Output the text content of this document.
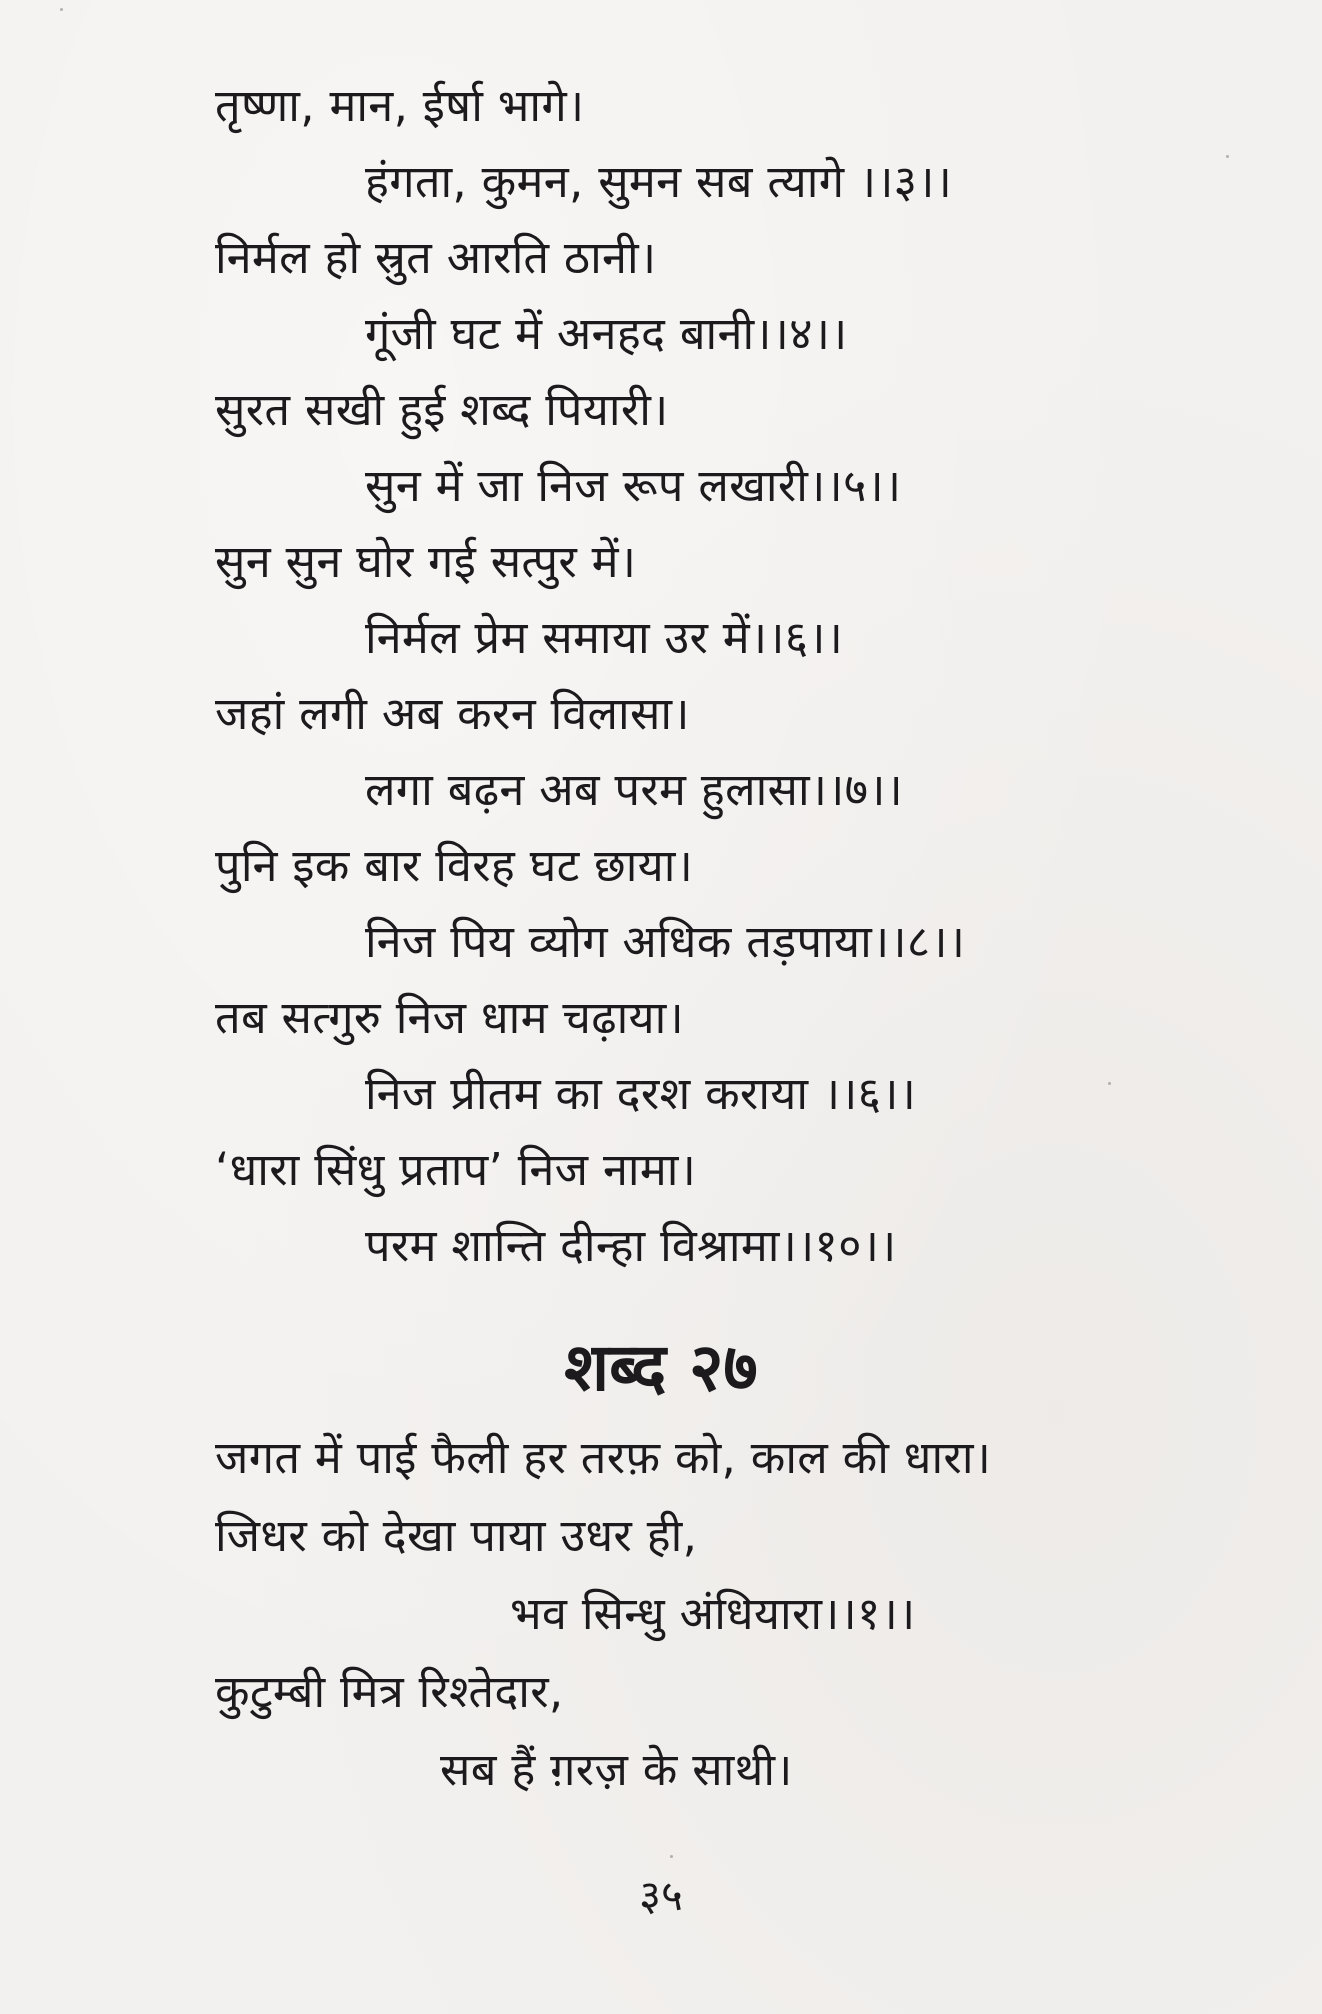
तृष्णा, मान, ईर्षा भागे।
हंगता, कुमन, सुमन सब त्यागे ।।३।।
निर्मल हो स्रुत आरति ठानी।
गूंजी घट में अनहद बानी।।४।।
सुरत सखी हुई शब्द पियारी।
सुन में जा निज रूप लखारी।।५।।
सुन सुन घोर गई सत्पुर में।
निर्मल प्रेम समाया उर में।।६।।
जहां लगी अब करन विलासा।
लगा बढ़न अब परम हुलासा।।७।।
पुनि इक बार विरह घट छाया।
निज पिय व्योग अधिक तड़पाया।।८।।
तब सत्गुरु निज धाम चढ़ाया।
निज प्रीतम का दरश कराया ।।६।।
‘धारा सिंधु प्रताप’ निज नामा।
परम शान्ति दीन्हा विश्रामा।।१०।।
शब्द २७
जगत में पाई फैली हर तरफ़ को, काल की धारा।
जिधर को देखा पाया उधर ही,
भव सिन्धु अंधियारा।।१।।
कुटुम्बी मित्र रिश्तेदार,
सब हैं ग़रज़ के साथी।
३५
